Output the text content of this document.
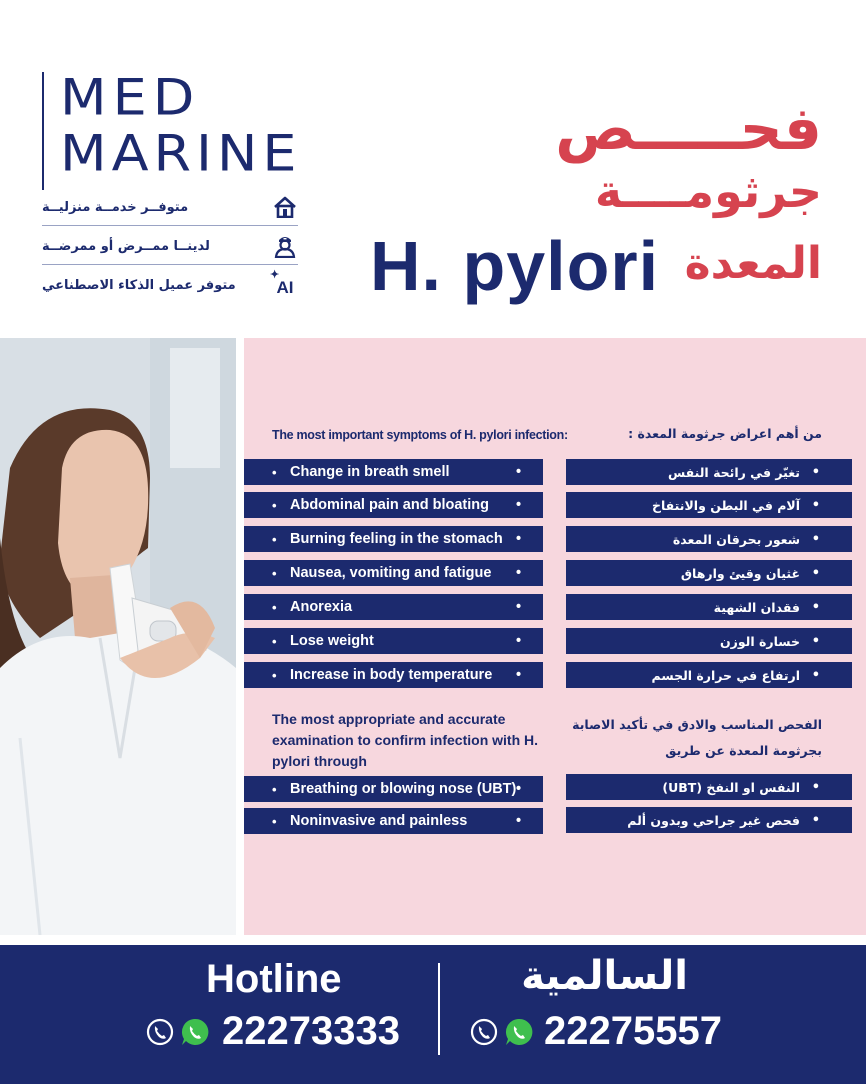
MED
MARINE
متوفــر خدمــة منزليــة
لدينــا ممــرض أو ممرضــة
متوفر عميل الذكاء الاصطناعي
✦
AI
فحـــــص
جرثومــــة
المعدة
H. pylori
The most important symptoms of H. pylori infection:	من أهم اعراض جرثومة المعدة :
• • Change in breath smell
• • Abdominal pain and bloating
• • Burning feeling in the stomach
• • Nausea, vomiting and fatigue
• • Anorexia
• • Lose weight
• • Increase in body temperature
•
تغيّر في رائحة النفس
•
آلام في البطن والانتفاخ
•
شعور بحرقان المعدة
•
غثيان وقيئ وارهاق
•
فقدان الشهية
•
خسارة الوزن
•
ارتفاع في حرارة الجسم
The most appropriate and accurate examination to confirm infection with H. pylori through
الفحص المناسب والادق في تأكيد الاصابة بجرثومة المعدة عن طريق
• • Breathing or blowing nose (UBT)
• • Noninvasive and painless
•
النفس او النفخ (UBT)
•
فحص غير جراحي وبدون ألم
Hotline
22273333
السالمية
22275557
